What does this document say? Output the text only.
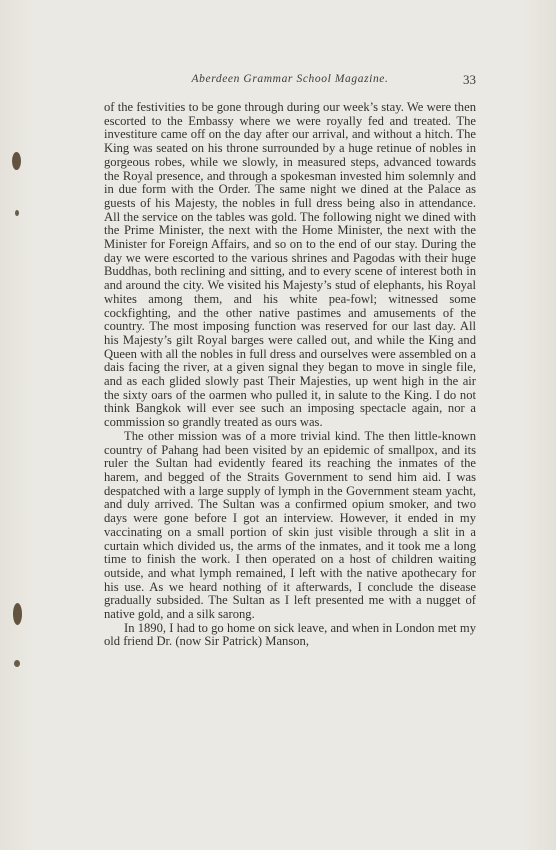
Aberdeen Grammar School Magazine.	33

of the festivities to be gone through during our week’s stay. We were then escorted to the Embassy where we were royally fed and treated. The investiture came off on the day after our arrival, and without a hitch. The King was seated on his throne surrounded by a huge retinue of nobles in gorgeous robes, while we slowly, in measured steps, advanced towards the Royal presence, and through a spokesman invested him solemnly and in due form with the Order. The same night we dined at the Palace as guests of his Majesty, the nobles in full dress being also in attendance. All the service on the tables was gold. The following night we dined with the Prime Minister, the next with the Home Minister, the next with the Minister for Foreign Affairs, and so on to the end of our stay. During the day we were escorted to the various shrines and Pagodas with their huge Buddhas, both reclining and sitting, and to every scene of interest both in and around the city. We visited his Majesty’s stud of elephants, his Royal whites among them, and his white pea-fowl; witnessed some cockfighting, and the other native pastimes and amusements of the country. The most imposing function was reserved for our last day. All his Majesty’s gilt Royal barges were called out, and while the King and Queen with all the nobles in full dress and ourselves were assembled on a dais facing the river, at a given signal they began to move in single file, and as each glided slowly past Their Majesties, up went high in the air the sixty oars of the oarmen who pulled it, in salute to the King. I do not think Bangkok will ever see such an imposing spectacle again, nor a commission so grandly treated as ours was.

The other mission was of a more trivial kind. The then little-known country of Pahang had been visited by an epidemic of smallpox, and its ruler the Sultan had evidently feared its reaching the inmates of the harem, and begged of the Straits Government to send him aid. I was despatched with a large supply of lymph in the Government steam yacht, and duly arrived. The Sultan was a confirmed opium smoker, and two days were gone before I got an interview. However, it ended in my vaccinating on a small portion of skin just visible through a slit in a curtain which divided us, the arms of the inmates, and it took me a long time to finish the work. I then operated on a host of children waiting outside, and what lymph remained, I left with the native apothecary for his use. As we heard nothing of it afterwards, I conclude the disease gradually subsided. The Sultan as I left presented me with a nugget of native gold, and a silk sarong.

In 1890, I had to go home on sick leave, and when in London met my old friend Dr. (now Sir Patrick) Manson,
